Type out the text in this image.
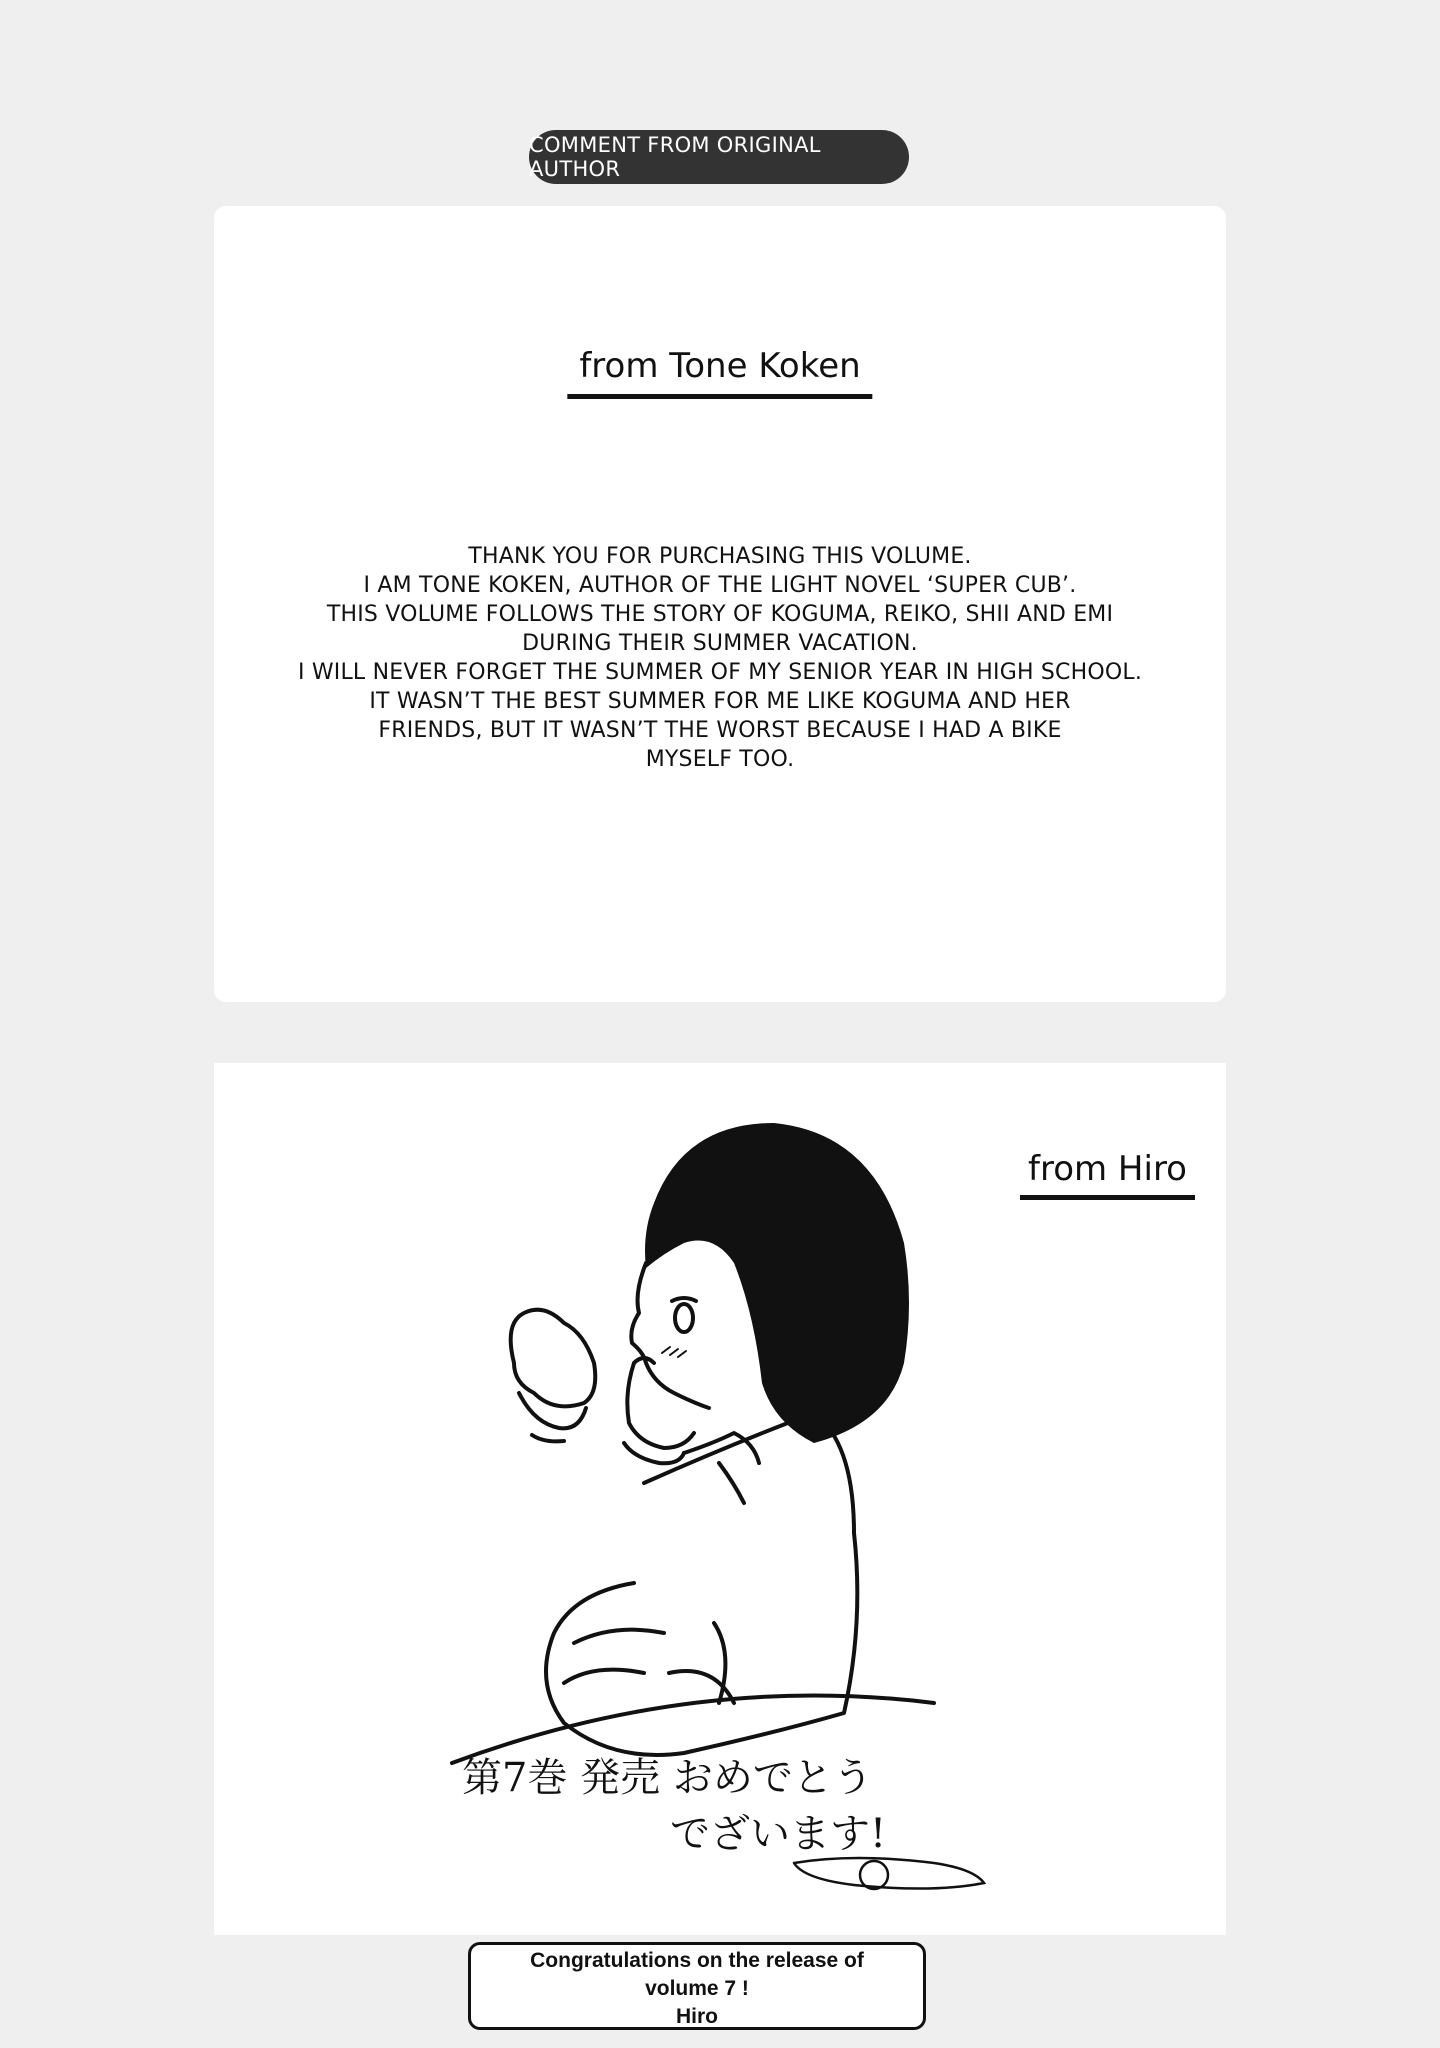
COMMENT FROM ORIGINAL AUTHOR
from Tone Koken
THANK YOU FOR PURCHASING THIS VOLUME.
I AM TONE KOKEN, AUTHOR OF THE LIGHT NOVEL ‘SUPER CUB’.
THIS VOLUME FOLLOWS THE STORY OF KOGUMA, REIKO, SHII AND EMI
DURING THEIR SUMMER VACATION.
I WILL NEVER FORGET THE SUMMER OF MY SENIOR YEAR IN HIGH SCHOOL.
IT WASN’T THE BEST SUMMER FOR ME LIKE KOGUMA AND HER
FRIENDS, BUT IT WASN’T THE WORST BECAUSE I HAD A BIKE
MYSELF TOO.
第7巻 発売 おめでとう
でざいます!
from Hiro
Congratulations on the release of
volume 7 !
Hiro
